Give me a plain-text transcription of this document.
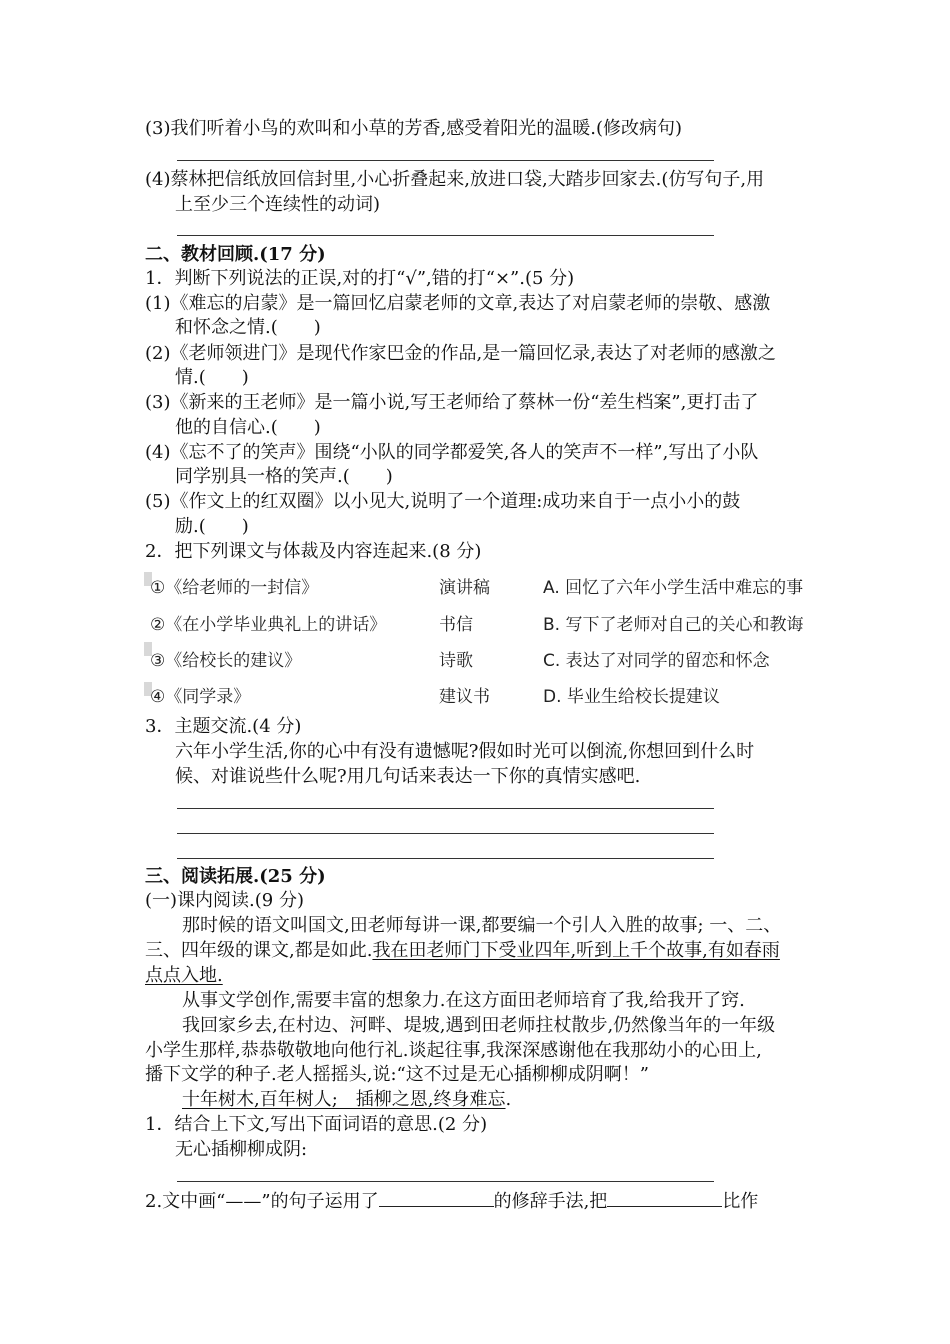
(3)我们听着小鸟的欢叫和小草的芳香,感受着阳光的温暖.(修改病句)
(4)蔡林把信纸放回信封里,小心折叠起来,放进口袋,大踏步回家去.(仿写句子,用
上至少三个连续性的动词)
二、教材回顾.(17 分)
1．判断下列说法的正误,对的打“√”,错的打“×”.(5 分)
(1)《难忘的启蒙》是一篇回忆启蒙老师的文章,表达了对启蒙老师的崇敬、感激
和怀念之情.(　　)
(2)《老师领进门》是现代作家巴金的作品,是一篇回忆录,表达了对老师的感激之
情.(　　)
(3)《新来的王老师》是一篇小说,写王老师给了蔡林一份“差生档案”,更打击了
他的自信心.(　　)
(4)《忘不了的笑声》围绕“小队的同学都爱笑,各人的笑声不一样”,写出了小队
同学别具一格的笑声.(　　)
(5)《作文上的红双圈》以小见大,说明了一个道理:成功来自于一点小小的鼓
励.(　　)
2．把下列课文与体裁及内容连起来.(8 分)
①《给老师的一封信》
②《在小学毕业典礼上的讲话》
③《给校长的建议》
④《同学录》
演讲稿
书信
诗歌
建议书
A. 回忆了六年小学生活中难忘的事
B. 写下了老师对自己的关心和教诲
C. 表达了对同学的留恋和怀念
D. 毕业生给校长提建议
3．主题交流.(4 分)
六年小学生活,你的心中有没有遗憾呢?假如时光可以倒流,你想回到什么时
候、对谁说些什么呢?用几句话来表达一下你的真情实感吧.
三、阅读拓展.(25 分)
(一)课内阅读.(9 分)
那时候的语文叫国文,田老师每讲一课,都要编一个引人入胜的故事; 一、二、
三、四年级的课文,都是如此.我在田老师门下受业四年,听到上千个故事,有如春雨
点点入地.
从事文学创作,需要丰富的想象力.在这方面田老师培育了我,给我开了窍.
我回家乡去,在村边、河畔、堤坡,遇到田老师拄杖散步,仍然像当年的一年级
小学生那样,恭恭敬敬地向他行礼.谈起往事,我深深感谢他在我那幼小的心田上,
播下文学的种子.老人摇摇头,说:“这不过是无心插柳柳成阴啊！”
十年树木,百年树人;　插柳之恩,终身难忘.
1．结合上下文,写出下面词语的意思.(2 分)
无心插柳柳成阴:
2.文中画“——”的句子运用了	的修辞手法,把	比作
